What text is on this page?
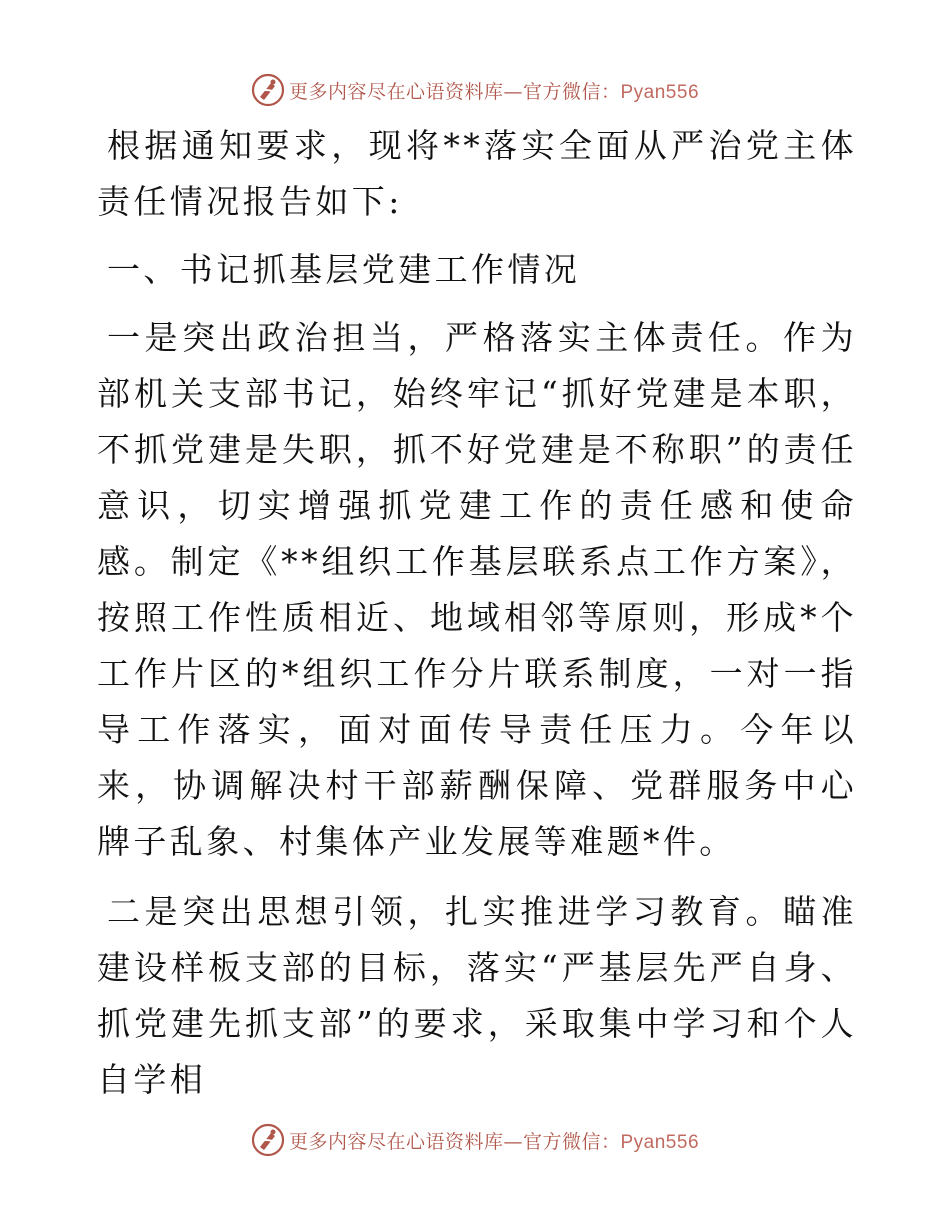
更多内容尽在心语资料库—官方微信：Pyan556

根据通知要求，现将**落实全面从严治党主体责任情况报告如下:

一、书记抓基层党建工作情况

一是突出政治担当，严格落实主体责任。作为部机关支部书记，始终牢记“抓好党建是本职，不抓党建是失职，抓不好党建是不称职”的责任意识，切实增强抓党建工作的责任感和使命感。制定《**组织工作基层联系点工作方案》，按照工作性质相近、地域相邻等原则，形成*个工作片区的*组织工作分片联系制度，一对一指导工作落实，面对面传导责任压力。今年以来，协调解决村干部薪酬保障、党群服务中心牌子乱象、村集体产业发展等难题*件。

二是突出思想引领，扎实推进学习教育。瞄准建设样板支部的目标，落实“严基层先严自身、抓党建先抓支部”的要求，采取集中学习和个人自学相

更多内容尽在心语资料库—官方微信：Pyan556
